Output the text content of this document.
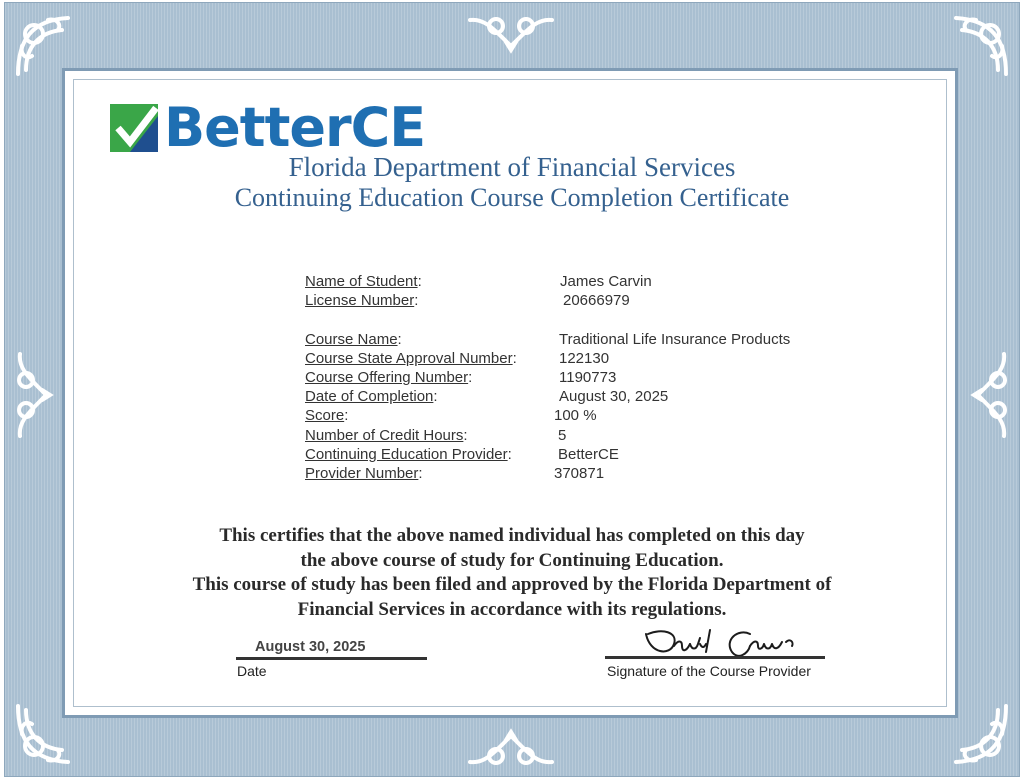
BetterCE
Florida Department of Financial Services
Continuing Education Course Completion Certificate
Name of Student:	James Carvin
License Number:	20666979
Course Name:	Traditional Life Insurance Products
Course State Approval Number:	122130
Course Offering Number:	1190773
Date of Completion:	August 30, 2025
Score:	100 %
Number of Credit Hours:	5
Continuing Education Provider:	BetterCE
Provider Number:	370871
This certifies that the above named individual has completed on this day
the above course of study for Continuing Education.
This course of study has been filed and approved by the Florida Department of
Financial Services in accordance with its regulations.
August 30, 2025
Date	Signature of the Course Provider
